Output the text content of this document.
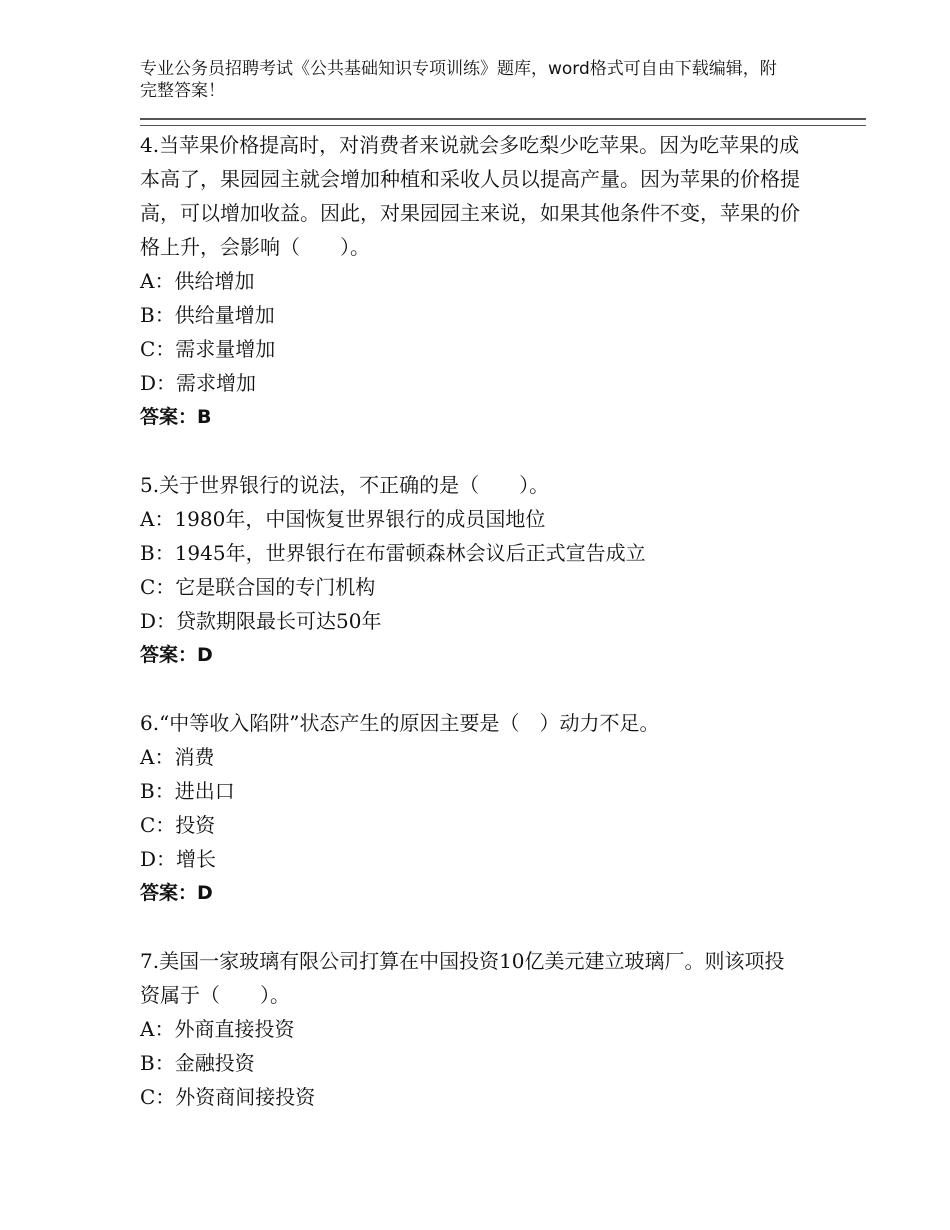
专业公务员招聘考试《公共基础知识专项训练》题库，word格式可自由下载编辑，附完整答案！

4.当苹果价格提高时，对消费者来说就会多吃梨少吃苹果。因为吃苹果的成本高了，果园园主就会增加种植和采收人员以提高产量。因为苹果的价格提高，可以增加收益。因此，对果园园主来说，如果其他条件不变，苹果的价格上升，会影响（　　）。

A：供给增加
B：供给量增加
C：需求量增加
D：需求增加
答案：B

5.关于世界银行的说法，不正确的是（　　）。

A：1980年，中国恢复世界银行的成员国地位
B：1945年，世界银行在布雷顿森林会议后正式宣告成立
C：它是联合国的专门机构
D：贷款期限最长可达50年
答案：D

6.“中等收入陷阱”状态产生的原因主要是（　）动力不足。

A：消费
B：进出口
C：投资
D：增长
答案：D

7.美国一家玻璃有限公司打算在中国投资10亿美元建立玻璃厂。则该项投资属于（　　）。

A：外商直接投资
B：金融投资
C：外资商间接投资
